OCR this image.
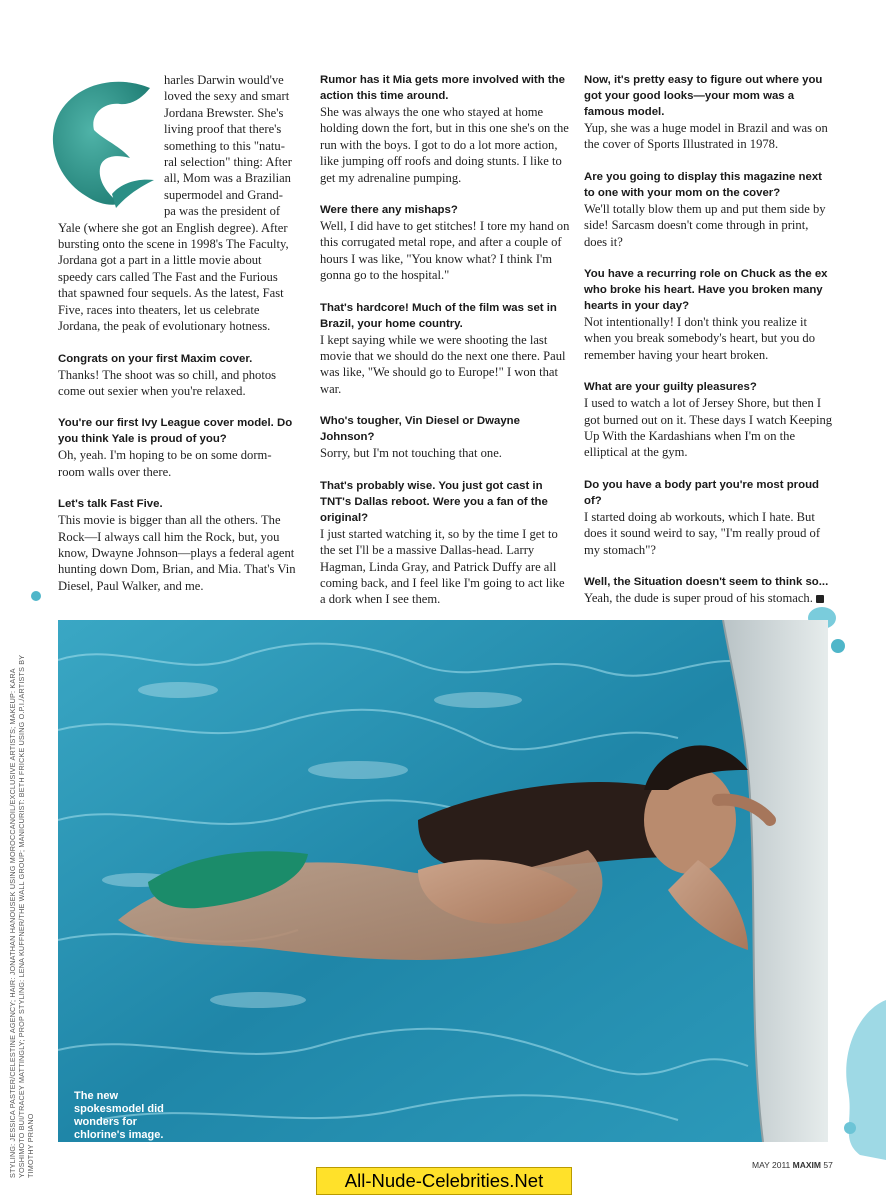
harles Darwin would've
loved the sexy and smart
Jordana Brewster. She's
living proof that there's
something to this "natu-
ral selection" thing: After
all, Mom was a Brazilian
supermodel and Grand-
pa was the president of
Yale (where she got an English degree). After bursting onto the scene in 1998's The Faculty, Jordana got a part in a little movie about speedy cars called The Fast and the Furious that spawned four sequels. As the latest, Fast Five, races into theaters, let us celebrate Jordana, the peak of evolutionary hotness.
Congrats on your first Maxim cover.
Thanks! The shoot was so chill, and photos come out sexier when you're relaxed.
You're our first Ivy League cover model. Do you think Yale is proud of you?
Oh, yeah. I'm hoping to be on some dorm-room walls over there.
Let's talk Fast Five.
This movie is bigger than all the others. The Rock—I always call him the Rock, but, you know, Dwayne Johnson—plays a federal agent hunting down Dom, Brian, and Mia. That's Vin Diesel, Paul Walker, and me.
Rumor has it Mia gets more involved with the action this time around.
She was always the one who stayed at home holding down the fort, but in this one she's on the run with the boys. I got to do a lot more action, like jumping off roofs and doing stunts. I like to get my adrenaline pumping.
Were there any mishaps?
Well, I did have to get stitches! I tore my hand on this corrugated metal rope, and after a couple of hours I was like, "You know what? I think I'm gonna go to the hospital."
That's hardcore! Much of the film was set in Brazil, your home country.
I kept saying while we were shooting the last movie that we should do the next one there. Paul was like, "We should go to Europe!" I won that war.
Who's tougher, Vin Diesel or Dwayne Johnson?
Sorry, but I'm not touching that one.
That's probably wise. You just got cast in TNT's Dallas reboot. Were you a fan of the original?
I just started watching it, so by the time I get to the set I'll be a massive Dallas-head. Larry Hagman, Linda Gray, and Patrick Duffy are all coming back, and I feel like I'm going to act like a dork when I see them.
Now, it's pretty easy to figure out where you got your good looks—your mom was a famous model.
Yup, she was a huge model in Brazil and was on the cover of Sports Illustrated in 1978.
Are you going to display this magazine next to one with your mom on the cover?
We'll totally blow them up and put them side by side! Sarcasm doesn't come through in print, does it?
You have a recurring role on Chuck as the ex who broke his heart. Have you broken many hearts in your day?
Not intentionally! I don't think you realize it when you break somebody's heart, but you do remember having your heart broken.
What are your guilty pleasures?
I used to watch a lot of Jersey Shore, but then I got burned out on it. These days I watch Keeping Up With the Kardashians when I'm on the elliptical at the gym.
Do you have a body part you're most proud of?
I started doing ab workouts, which I hate. But does it sound weird to say, "I'm really proud of my stomach"?
Well, the Situation doesn't seem to think so...
Yeah, the dude is super proud of his stomach.
STYLING: JESSICA PASTER/CELESTINE AGENCY; HAIR: JONATHAN HANOUSEK USING MOROCCANOIL/EXCLUSIVE ARTISTS; MAKEUP: KARA YOSHIMOTO BUI/TRACEY MATTINGLY; PROP STYLING: LENA KUFFNER/THE WALL GROUP; MANICURIST: BETH FRICKE USING O.P.I./ARTISTS BY TIMOTHY PRIANO
The new spokesmodel did wonders for chlorine's image.
MAY 2011 MAXIM 57
All-Nude-Celebrities.Net
